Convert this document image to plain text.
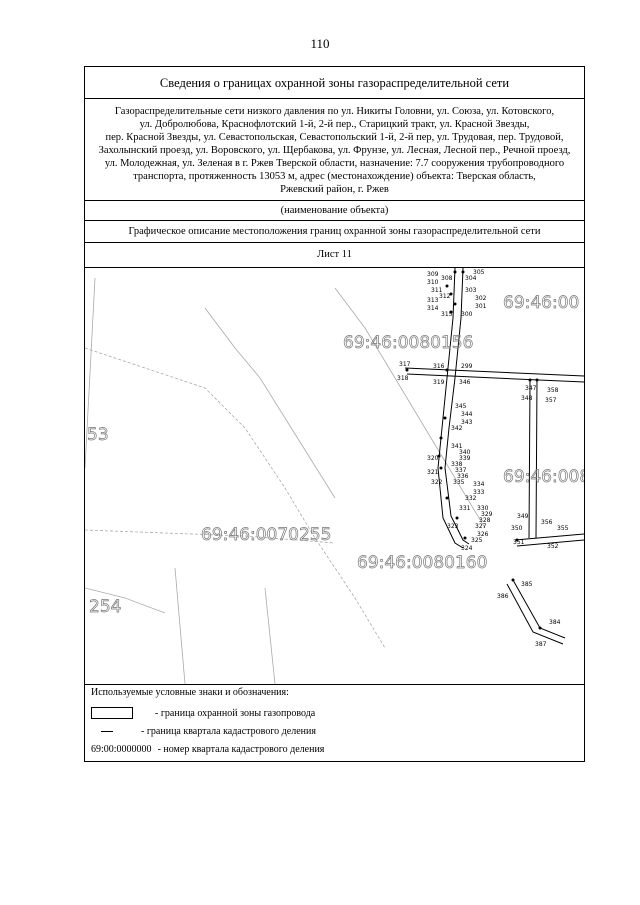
110
Сведения о границах охранной зоны газораспределительной сети
Газораспределительные сети низкого давления по ул. Никиты Головни, ул. Союза, ул. Котовского,
ул. Добролюбова, Краснофлотский 1-й, 2-й пер., Старицкий тракт, ул. Красной Звезды,
пер. Красной Звезды, ул. Севастопольская, Севастопольский 1-й, 2-й пер, ул. Трудовая, пер. Трудовой,
Захолынский проезд, ул. Воровского, ул. Щербакова, ул. Фрунзе, ул. Лесная, Лесной пер., Речной проезд,
ул. Молодежная, ул. Зеленая в г. Ржев Тверской области, назначение: 7.7 сооружения трубопроводного
транспорта, протяженность 13053 м, адрес (местонахождение) объекта: Тверская область,
Ржевский район, г. Ржев
(наименование объекта)
Графическое описание местоположения границ охранной зоны газораспределительной сети
Лист 11
69:46:0080156
69:46:00
69:46:008
69:46:0070255
69:46:0080160
53
254
309
308 304
305
310
311	303
312	302
313
301
314
315 300
317	316	299
318
319 346
347 358
348 357
345
344
343
342
341
340
339
320
338
337
321
336
322 335 334
333
332
331 330
329
328
327
323
326
325
324
349
356
350	355
351
352
385
386
384
387
Используемые условные знаки и обозначения:
- граница охранной зоны газопровода
- граница квартала кадастрового деления
69:00:0000000 - номер квартала кадастрового деления
